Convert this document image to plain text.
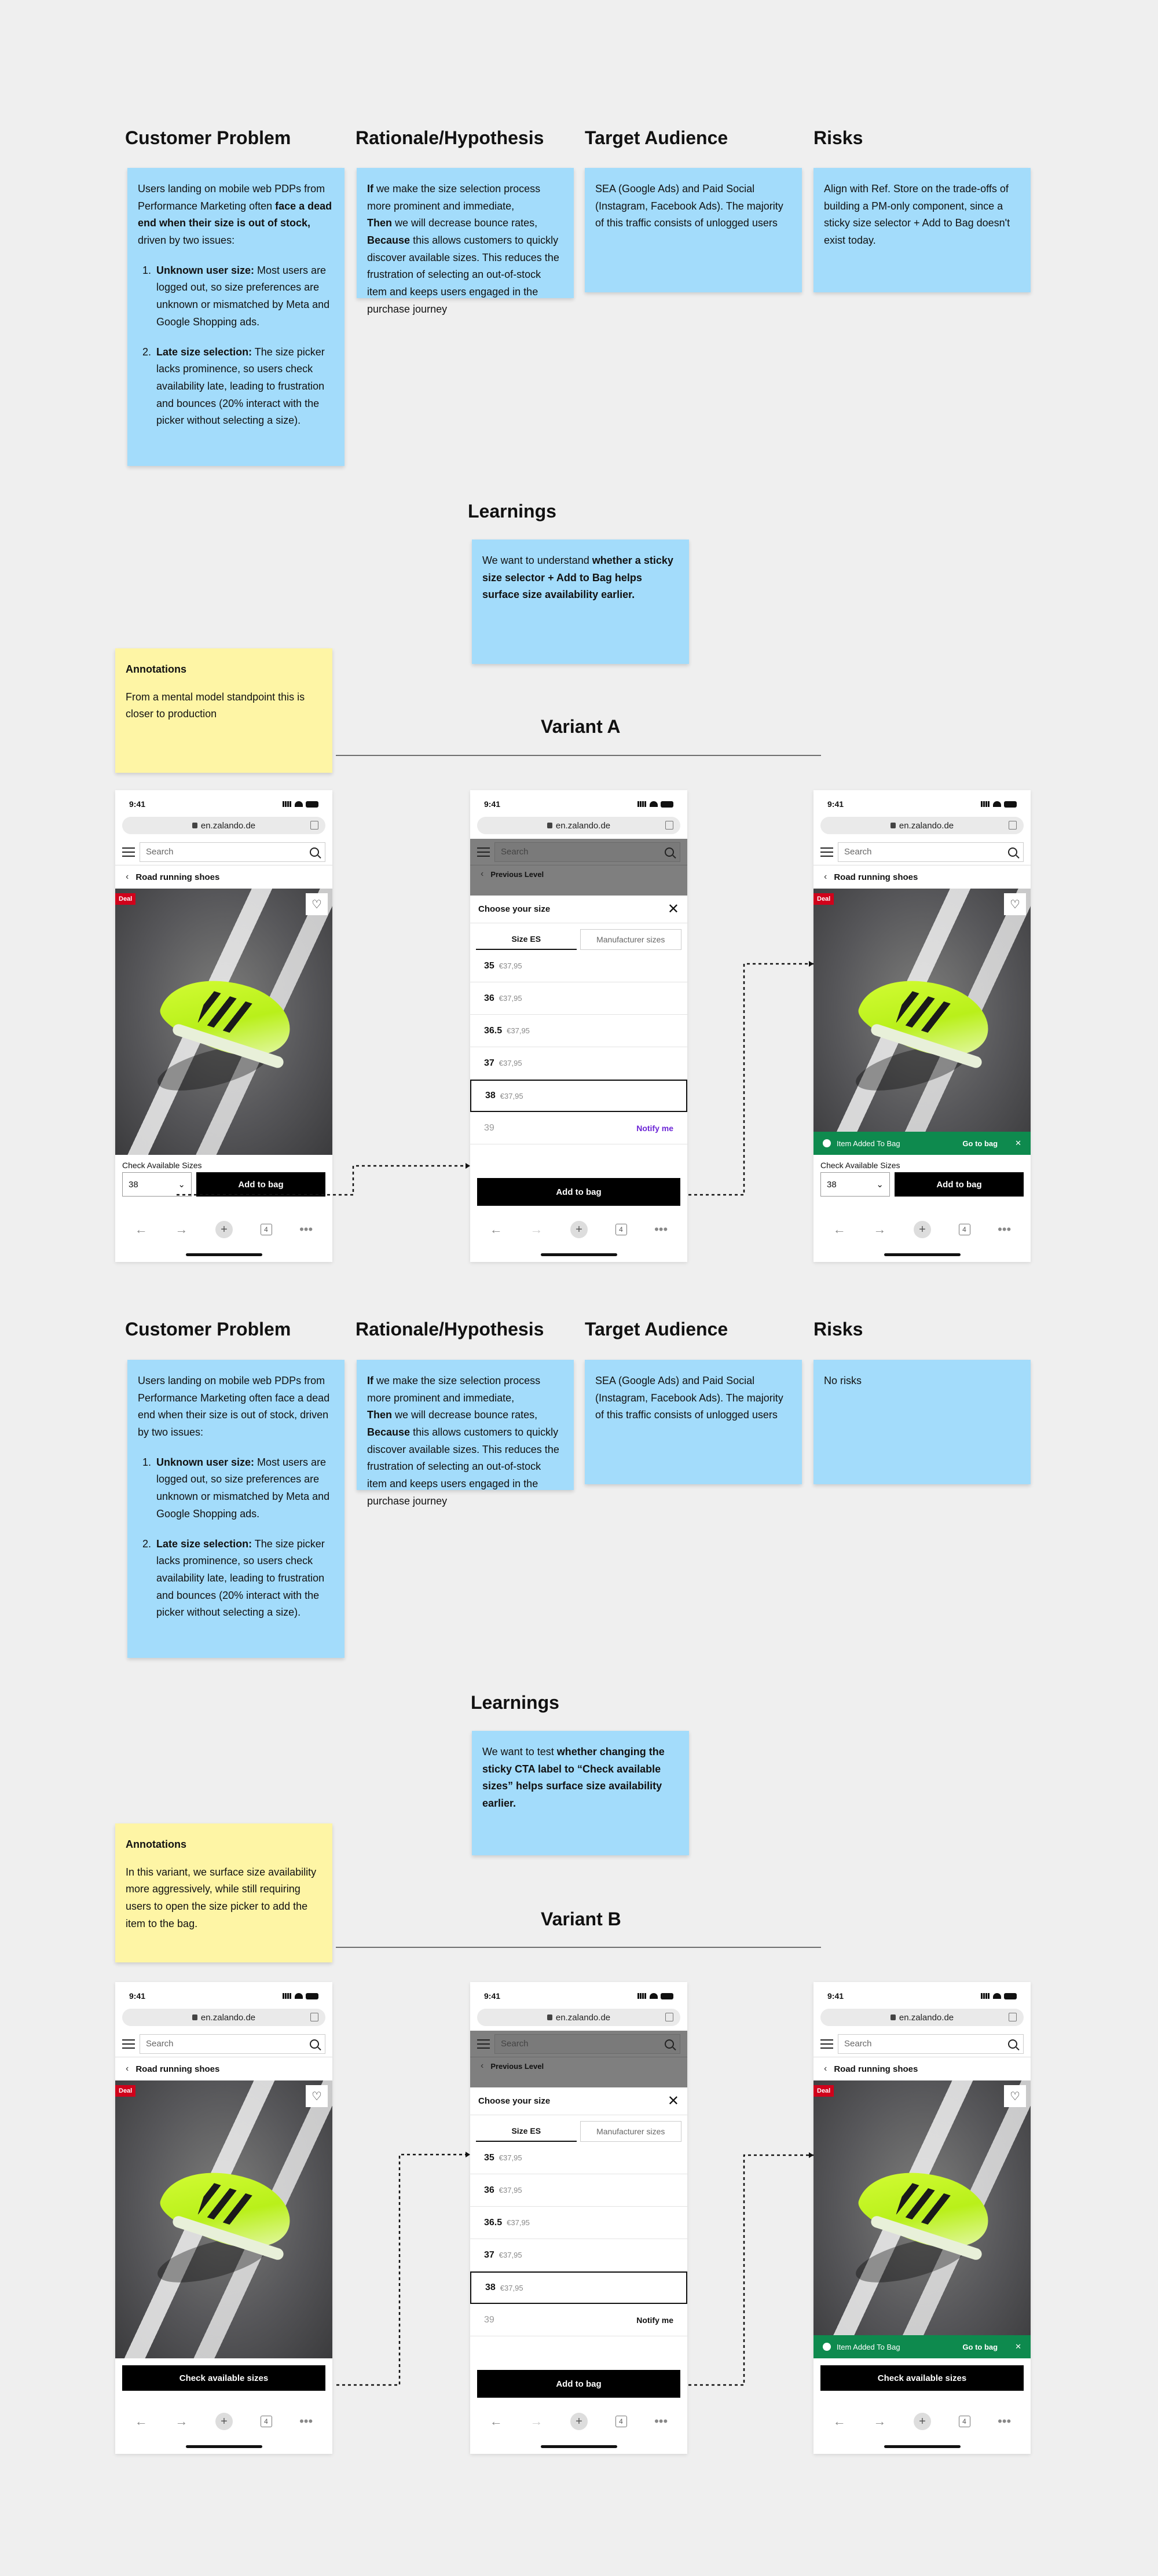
Customer Problem	Rationale/Hypothesis Target Audience	Risks
Users landing on mobile web PDPs from Performance Marketing often face a dead end when their size is out of stock, driven by two issues:
1. Unknown user size: Most users are logged out, so size preferences are unknown or mismatched by Meta and Google Shopping ads.
2. Late size selection: The size picker lacks prominence, so users check availability late, leading to frustration and bounces (20% interact with the picker without selecting a size).
If we make the size selection process more prominent and immediate,
Then we will decrease bounce rates,
Because this allows customers to quickly discover available sizes. This reduces the frustration of selecting an out-of-stock item and keeps users engaged in the purchase journey
SEA (Google Ads) and Paid Social (Instagram, Facebook Ads). The majority of this traffic consists of unlogged users
Align with Ref. Store on the trade-offs of building a PM-only component, since a sticky size selector + Add to Bag doesn't exist today.
Learnings
We want to understand whether a sticky size selector + Add to Bag helps surface size availability earlier.
Annotations

From a mental model standpoint this is closer to production

Variant A
9:41
en.zalando.de
Search
‹ Road running shoes
Deal	♡
Check Available Sizes
38	⌄	Add to bag
← →	+	4	•••
9:41
en.zalando.de
Search
‹ Previous Level
Choose your size	✕
Size ES	Manufacturer sizes
35 €37,95
36 €37,95
36.5 €37,95
37 €37,95
38 €37,95
39	Notify me
Add to bag
← →	+	4	•••
9:41
en.zalando.de
Search
‹ Road running shoes
Deal	♡
Item Added To Bag	Go to bag ✕
Check Available Sizes
38	⌄	Add to bag
← →	+	4	•••
Customer Problem	Rationale/Hypothesis Target Audience	Risks
Users landing on mobile web PDPs from Performance Marketing often face a dead end when their size is out of stock, driven by two issues:
1. Unknown user size: Most users are logged out, so size preferences are unknown or mismatched by Meta and Google Shopping ads.
2. Late size selection: The size picker lacks prominence, so users check availability late, leading to frustration and bounces (20% interact with the picker without selecting a size).
If we make the size selection process more prominent and immediate,
Then we will decrease bounce rates,
Because this allows customers to quickly discover available sizes. This reduces the frustration of selecting an out-of-stock item and keeps users engaged in the purchase journey
SEA (Google Ads) and Paid Social (Instagram, Facebook Ads). The majority of this traffic consists of unlogged users
No risks
Learnings
We want to test whether changing the sticky CTA label to “Check available sizes” helps surface size availability earlier.
Annotations

In this variant, we surface size availability more aggressively, while still requiring users to open the size picker to add the item to the bag.	Variant B
9:41
en.zalando.de
Search
‹ Road running shoes
Deal	♡
Check available sizes
← →	+	4	•••
9:41
en.zalando.de
Search
‹ Previous Level
Choose your size	✕
Size ES	Manufacturer sizes
35 €37,95
36 €37,95
36.5 €37,95
37 €37,95
38 €37,95
39	Notify me
Add to bag
← →	+	4	•••
9:41
en.zalando.de
Search
‹ Road running shoes
Deal	♡
Item Added To Bag	Go to bag ✕
Check available sizes
← →	+	4	•••
